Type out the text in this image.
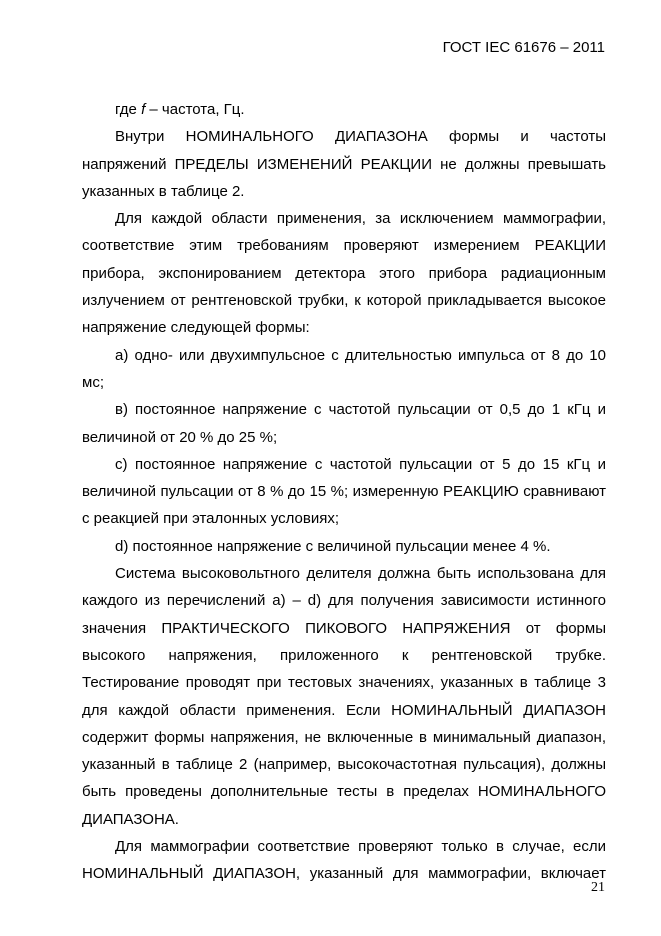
ГОСТ IEC 61676 – 2011

где f – частота, Гц.

Внутри НОМИНАЛЬНОГО ДИАПАЗОНА формы и частоты напряжений ПРЕДЕЛЫ ИЗМЕНЕНИЙ РЕАКЦИИ не должны превышать указанных в таблице 2.

Для каждой области применения, за исключением маммографии, соответствие этим требованиям проверяют измерением РЕАКЦИИ прибора, экспонированием детектора этого прибора радиационным излучением от рентгеновской трубки, к которой прикладывается высокое напряжение следующей формы:

а) одно- или двухимпульсное с длительностью импульса от 8 до 10 мс;

в) постоянное напряжение с частотой пульсации от 0,5 до 1 кГц и величиной от 20 % до 25 %;

с) постоянное напряжение с частотой пульсации от 5 до 15 кГц и величиной пульсации от 8 % до 15 %; измеренную РЕАКЦИЮ сравнивают с реакцией при эталонных условиях;

d) постоянное напряжение с величиной пульсации менее 4 %.

Система высоковольтного делителя должна быть использована для каждого из перечислений а) – d) для получения зависимости истинного значения ПРАКТИЧЕСКОГО ПИКОВОГО НАПРЯЖЕНИЯ от формы высокого напряжения, приложенного к рентгеновской трубке. Тестирование проводят при тестовых значениях, указанных в таблице 3 для каждой области применения. Если НОМИНАЛЬНЫЙ ДИАПАЗОН содержит формы напряжения, не включенные в минимальный диапазон, указанный в таблице 2 (например, высокочастотная пульсация), должны быть проведены дополнительные тесты в пределах НОМИНАЛЬНОГО ДИАПАЗОНА.

Для маммографии соответствие проверяют только в случае, если НОМИНАЛЬНЫЙ ДИАПАЗОН, указанный для маммографии, включает

21
